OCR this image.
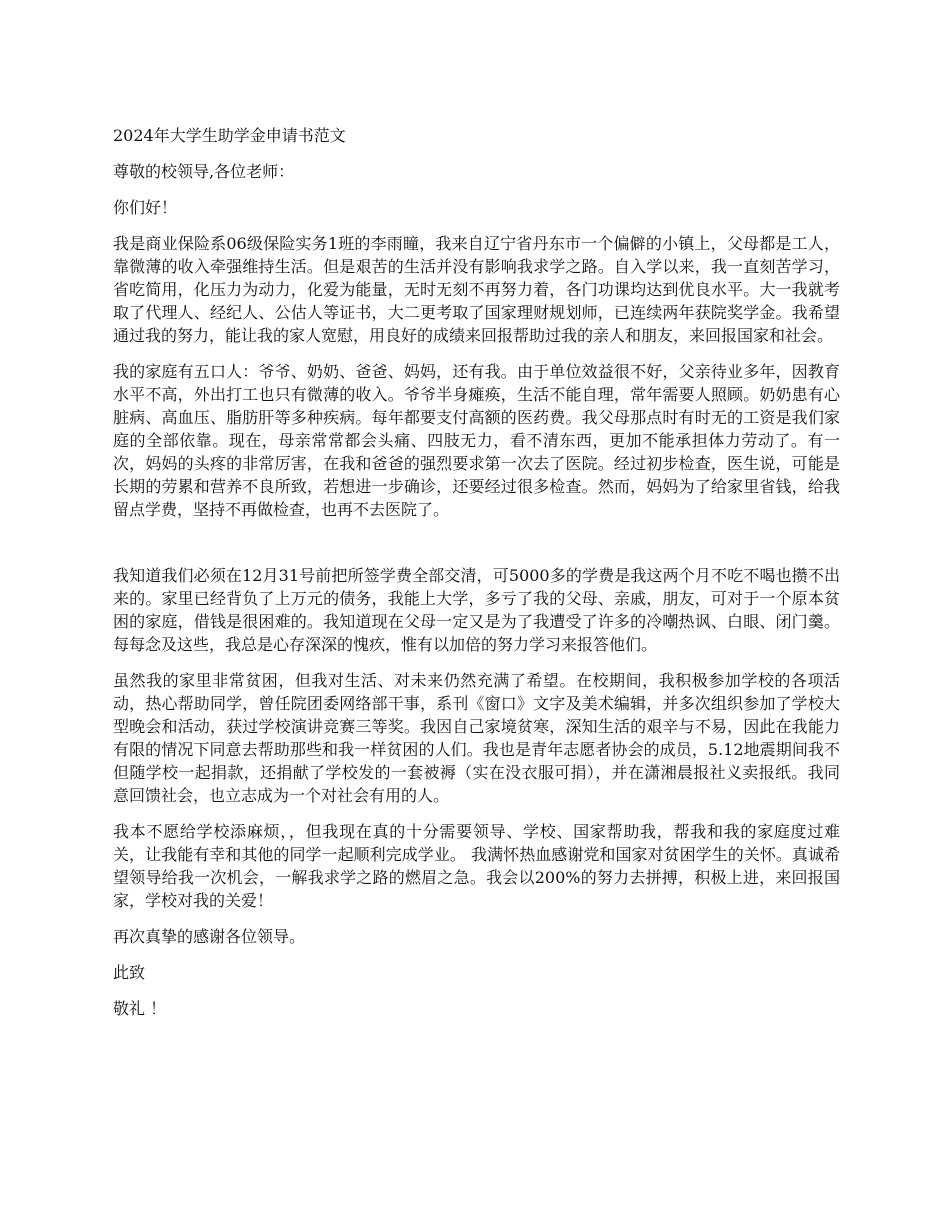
2024年大学生助学金申请书范文

尊敬的校领导,各位老师：

你们好！

我是商业保险系06级保险实务1班的李雨瞳，我来自辽宁省丹东市一个偏僻的小镇上，父母都是工人，靠微薄的收入牵强维持生活。但是艰苦的生活并没有影响我求学之路。自入学以来，我一直刻苦学习，省吃简用，化压力为动力，化爱为能量，无时无刻不再努力着，各门功课均达到优良水平。大一我就考取了代理人、经纪人、公估人等证书，大二更考取了国家理财规划师，已连续两年获院奖学金。我希望通过我的努力，能让我的家人宽慰，用良好的成绩来回报帮助过我的亲人和朋友，来回报国家和社会。

我的家庭有五口人：爷爷、奶奶、爸爸、妈妈，还有我。由于单位效益很不好，父亲待业多年，因教育水平不高，外出打工也只有微薄的收入。爷爷半身瘫痪，生活不能自理，常年需要人照顾。奶奶患有心脏病、高血压、脂肪肝等多种疾病。每年都要支付高额的医药费。我父母那点时有时无的工资是我们家庭的全部依靠。现在，母亲常常都会头痛、四肢无力，看不清东西，更加不能承担体力劳动了。有一次，妈妈的头疼的非常厉害，在我和爸爸的强烈要求第一次去了医院。经过初步检查，医生说，可能是长期的劳累和营养不良所致，若想进一步确诊，还要经过很多检查。然而，妈妈为了给家里省钱，给我留点学费，坚持不再做检查，也再不去医院了。

我知道我们必须在12月31号前把所签学费全部交清，可5000多的学费是我这两个月不吃不喝也攒不出来的。家里已经背负了上万元的债务，我能上大学，多亏了我的父母、亲戚，朋友，可对于一个原本贫困的家庭，借钱是很困难的。我知道现在父母一定又是为了我遭受了许多的冷嘲热讽、白眼、闭门羹。每每念及这些，我总是心存深深的愧疚，惟有以加倍的努力学习来报答他们。

虽然我的家里非常贫困，但我对生活、对未来仍然充满了希望。在校期间，我积极参加学校的各项活动，热心帮助同学，曾任院团委网络部干事，系刊《窗口》文字及美术编辑，并多次组织参加了学校大型晚会和活动，获过学校演讲竞赛三等奖。我因自己家境贫寒，深知生活的艰辛与不易，因此在我能力有限的情况下同意去帮助那些和我一样贫困的人们。我也是青年志愿者协会的成员，5.12地震期间我不但随学校一起捐款，还捐献了学校发的一套被褥（实在没衣服可捐），并在潇湘晨报社义卖报纸。我同意回馈社会，也立志成为一个对社会有用的人。

我本不愿给学校添麻烦，，但我现在真的十分需要领导、学校、国家帮助我，帮我和我的家庭度过难关，让我能有幸和其他的同学一起顺利完成学业。 我满怀热血感谢党和国家对贫困学生的关怀。真诚希望领导给我一次机会，一解我求学之路的燃眉之急。我会以200%的努力去拼搏，积极上进，来回报国家，学校对我的关爱！

再次真挚的感谢各位领导。

此致

敬礼 ！
